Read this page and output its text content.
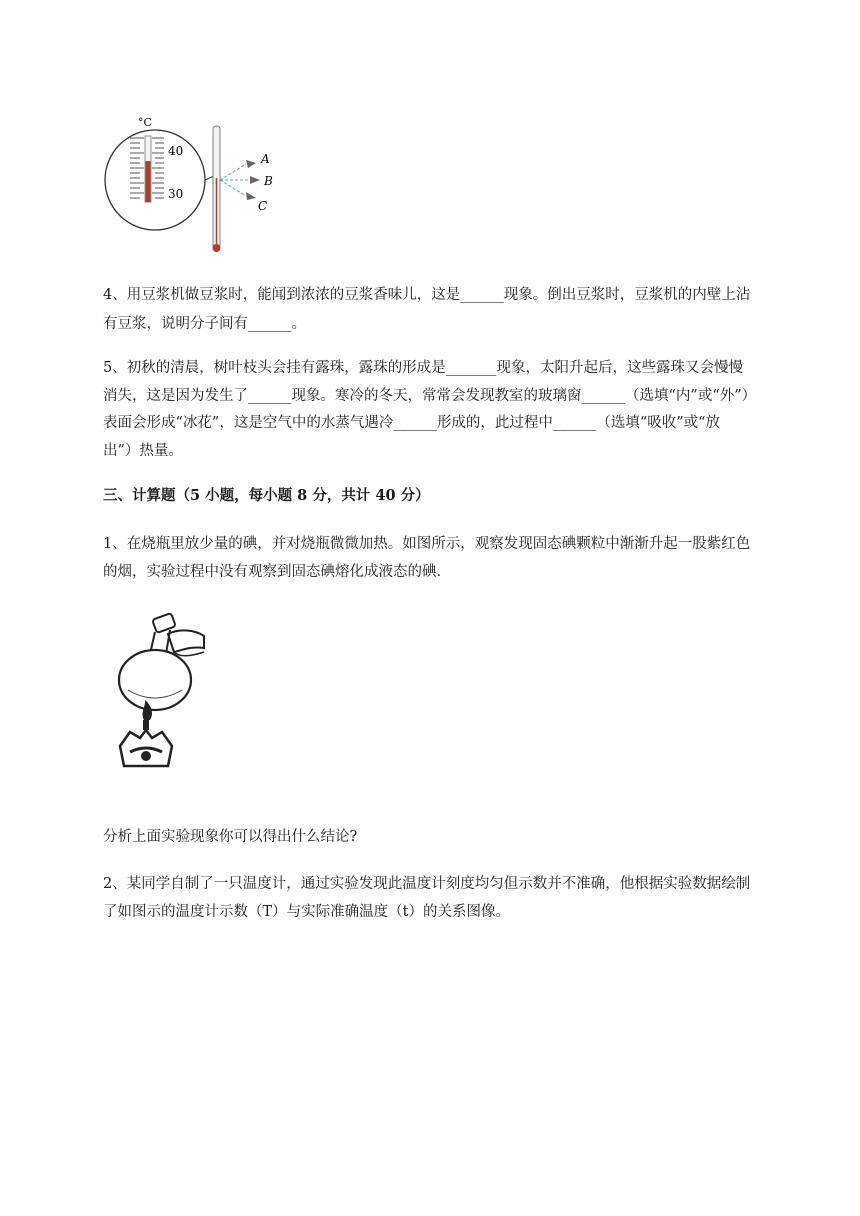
°C
40
30
A
B
C

4、用豆浆机做豆浆时，能闻到浓浓的豆浆香味儿，这是______现象。倒出豆浆时，豆浆机的内壁上沾

有豆浆，说明分子间有______。

5、初秋的清晨，树叶枝头会挂有露珠，露珠的形成是_______现象，太阳升起后，这些露珠又会慢慢

消失，这是因为发生了______现象。寒冷的冬天，常常会发现教室的玻璃窗______（选填“内”或“外”）

表面会形成“冰花”，这是空气中的水蒸气遇冷______形成的，此过程中______（选填“吸收”或“放

出”）热量。

三、计算题（5 小题，每小题 8 分，共计 40 分）

1、在烧瓶里放少量的碘，并对烧瓶微微加热。如图所示，观察发现固态碘颗粒中渐渐升起一股紫红色

的烟，实验过程中没有观察到固态碘熔化成液态的碘.

分析上面实验现象你可以得出什么结论?

2、某同学自制了一只温度计，通过实验发现此温度计刻度均匀但示数并不准确，他根据实验数据绘制

了如图示的温度计示数（T）与实际准确温度（t）的关系图像。
